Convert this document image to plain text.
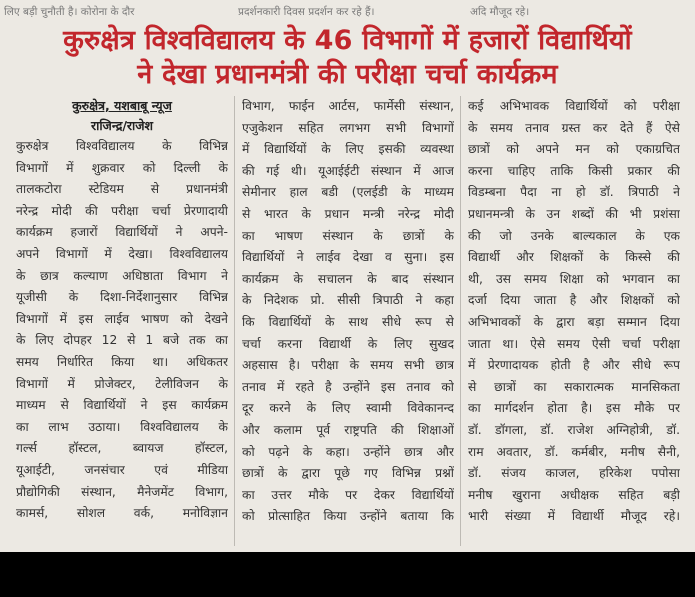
लिए बड़ी चुनौती है। कोरोना के दौर	प्रदर्शनकारी दिवस प्रदर्शन कर रहे हैं।	अदि मौजूद रहे।
कुरुक्षेत्र विश्वविद्यालय के 46 विभागों में हजारों विद्यार्थियों
ने देखा प्रधानमंत्री की परीक्षा चर्चा कार्यक्रम
कुरुक्षेत्र, यशबाबू न्यूज
राजिन्द्र/राजेश
कुरुक्षेत्र विश्वविद्यालय के विभिन्न
विभागों में शुक्रवार को दिल्ली के
तालकटोरा स्टेडियम से प्रधानमंत्री
नरेन्द्र मोदी की परीक्षा चर्चा प्रेरणादायी
कार्यक्रम हजारों विद्यार्थियों ने अपने-
अपने विभागों में देखा। विश्वविद्यालय
के छात्र कल्याण अधिष्ठाता विभाग ने
यूजीसी के दिशा-निर्देशानुसार विभिन्न
विभागों में इस लाईव भाषण को देखने
के लिए दोपहर 12 से 1 बजे तक का
समय निर्धारित किया था। अधिकतर
विभागों में प्रोजेक्टर, टेलीविजन के
माध्यम से विद्यार्थियों ने इस कार्यक्रम
का लाभ उठाया। विश्वविद्यालय के
गर्ल्स हॉस्टल, ब्वायज हॉस्टल,
यूआईटी, जनसंचार एवं मीडिया
प्रौद्योगिकी संस्थान, मैनेजमेंट विभाग,
कामर्स, सोशल वर्क, मनोविज्ञान
विभाग, फाईन आर्टस, फार्मेसी संस्थान,
एजुकेशन सहित लगभग सभी विभागों
में विद्यार्थियों के लिए इसकी व्यवस्था
की गई थी। यूआईईटी संस्थान में आज
सेमीनार हाल बडी (एलईडी के माध्यम
से भारत के प्रधान मन्त्री नरेन्द्र मोदी
का भाषण संस्थान के छात्रों के
विद्यार्थियों ने लाईव देखा व सुना। इस
कार्यक्रम के सचालन के बाद संस्थान
के निदेशक प्रो. सीसी त्रिपाठी ने कहा
कि विद्यार्थियों के साथ सीधे रूप से
चर्चा करना विद्यार्थी के लिए सुखद
अहसास है। परीक्षा के समय सभी छात्र
तनाव में रहते है उन्होंने इस तनाव को
दूर करने के लिए स्वामी विवेकानन्द
और कलाम पूर्व राष्ट्रपति की शिक्षाओं
को पढ़ने के कहा। उन्होंने छात्र और
छात्रों के द्वारा पूछे गए विभिन्न प्रश्नों
का उत्तर मौके पर देकर विद्यार्थियों
को प्रोत्साहित किया उन्होंने बताया कि
कई अभिभावक विद्यार्थियों को परीक्षा
के समय तनाव ग्रस्त कर देते हैं ऐसे
छात्रों को अपने मन को एकाग्रचित
करना चाहिए ताकि किसी प्रकार की
विडम्बना पैदा ना हो डॉ. त्रिपाठी ने
प्रधानमन्त्री के उन शब्दों की भी प्रशंसा
की जो उनके बाल्यकाल के एक
विद्यार्थी और शिक्षकों के किस्से की
थी, उस समय शिक्षा को भगवान का
दर्जा दिया जाता है और शिक्षकों को
अभिभावकों के द्वारा बड़ा सम्मान दिया
जाता था। ऐसे समय ऐसी चर्चा परीक्षा
में प्रेरणादायक होती है और सीधे रूप
से छात्रों का सकारात्मक मानसिकता
का मार्गदर्शन होता है। इस मौके पर
डॉ. डॉगला, डॉ. राजेश अग्निहोत्री, डॉ.
राम अवतार, डॉ. कर्मबीर, मनीष सैनी,
डॉ. संजय काजल, हरिकेश पपोसा
मनीष खुराना अधीक्षक सहित बड़ी
भारी संख्या में विद्यार्थी मौजूद रहे।
